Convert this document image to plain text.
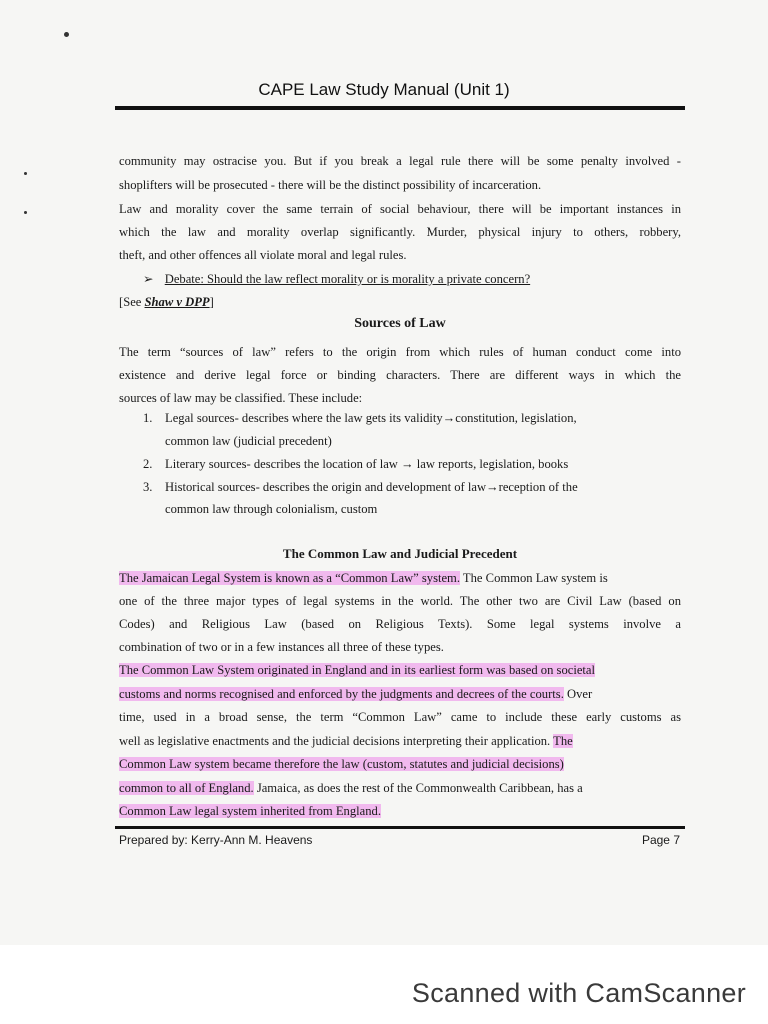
CAPE Law Study Manual (Unit 1)
community may ostracise you. But if you break a legal rule there will be some penalty involved -
shoplifters will be prosecuted - there will be the distinct possibility of incarceration.
Law and morality cover the same terrain of social behaviour, there will be important instances in
which the law and morality overlap significantly. Murder, physical injury to others, robbery,
theft, and other offences all violate moral and legal rules.
➢ Debate: Should the law reflect morality or is morality a private concern?
[See Shaw v DPP]
Sources of Law
The term “sources of law” refers to the origin from which rules of human conduct come into
existence and derive legal force or binding characters. There are different ways in which the
sources of law may be classified. These include:
1. Legal sources- describes where the law gets its validity→constitution, legislation,
common law (judicial precedent)
2. Literary sources- describes the location of law → law reports, legislation, books
3. Historical sources- describes the origin and development of law→reception of the
common law through colonialism, custom
The Common Law and Judicial Precedent
The Jamaican Legal System is known as a “Common Law” system. The Common Law system is
one of the three major types of legal systems in the world. The other two are Civil Law (based on
Codes) and Religious Law (based on Religious Texts). Some legal systems involve a
combination of two or in a few instances all three of these types.
The Common Law System originated in England and in its earliest form was based on societal
customs and norms recognised and enforced by the judgments and decrees of the courts. Over
time, used in a broad sense, the term “Common Law” came to include these early customs as
well as legislative enactments and the judicial decisions interpreting their application. The
Common Law system became therefore the law (custom, statutes and judicial decisions)
common to all of England. Jamaica, as does the rest of the Commonwealth Caribbean, has a
Common Law legal system inherited from England.
Prepared by: Kerry-Ann M. Heavens	Page 7
Scanned with CamScanner
